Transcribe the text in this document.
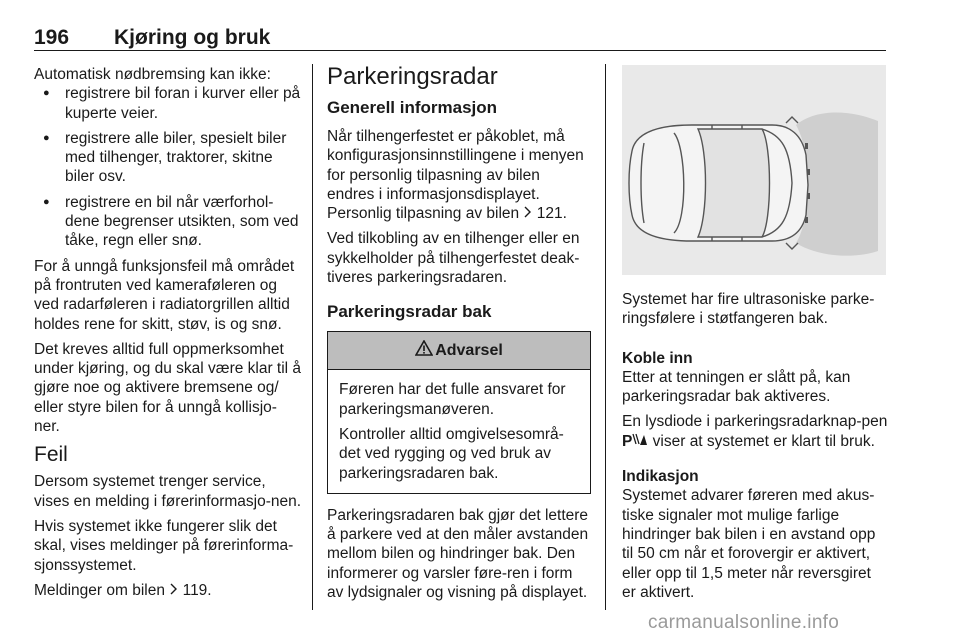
196 Kjøring og bruk

Automatisk nødbremsing kan ikke:

● registrere bil foran i kurver eller på kuperte veier.
● registrere alle biler, spesielt biler med tilhenger, traktorer, skitne biler osv.
● registrere en bil når værforhol-dene begrenser utsikten, som ved tåke, regn eller snø.

For å unngå funksjonsfeil må området på frontruten ved kameraføleren og ved radarføleren i radiatorgrillen alltid holdes rene for skitt, støv, is og snø.

Det kreves alltid full oppmerksomhet under kjøring, og du skal være klar til å gjøre noe og aktivere bremsene og/ eller styre bilen for å unngå kollisjo-ner.

Feil

Dersom systemet trenger service, vises en melding i førerinformasjo-nen.

Hvis systemet ikke fungerer slik det skal, vises meldinger på førerinforma-sjonssystemet.

Meldinger om bilen 119.

Parkeringsradar
Generell informasjon

Når tilhengerfestet er påkoblet, må konfigurasjonsinnstillingene i menyen for personlig tilpasning av bilen endres i informasjonsdisplayet. Personlig tilpasning av bilen 121.

Ved tilkobling av en tilhenger eller en sykkelholder på tilhengerfestet deak-tiveres parkeringsradaren.

Parkeringsradar bak
Advarsel

Føreren har det fulle ansvaret for parkeringsmanøveren.

Kontroller alltid omgivelsesområ-det ved rygging og ved bruk av parkeringsradaren bak.

Parkeringsradaren bak gjør det lettere å parkere ved at den måler avstanden mellom bilen og hindringer bak. Den informerer og varsler føre-ren i form av lydsignaler og visning på displayet.

Systemet har fire ultrasoniske parke-ringsfølere i støtfangeren bak.

Koble inn

Etter at tenningen er slått på, kan parkeringsradar bak aktiveres.

En lysdiode i parkeringsradarknap-pen P viser at systemet er klart til bruk.

Indikasjon

Systemet advarer føreren med akus-tiske signaler mot mulige farlige hindringer bak bilen i en avstand opp til 50 cm når et forovergir er aktivert, eller opp til 1,5 meter når reversgiret er aktivert.

carmanualsonline.info
